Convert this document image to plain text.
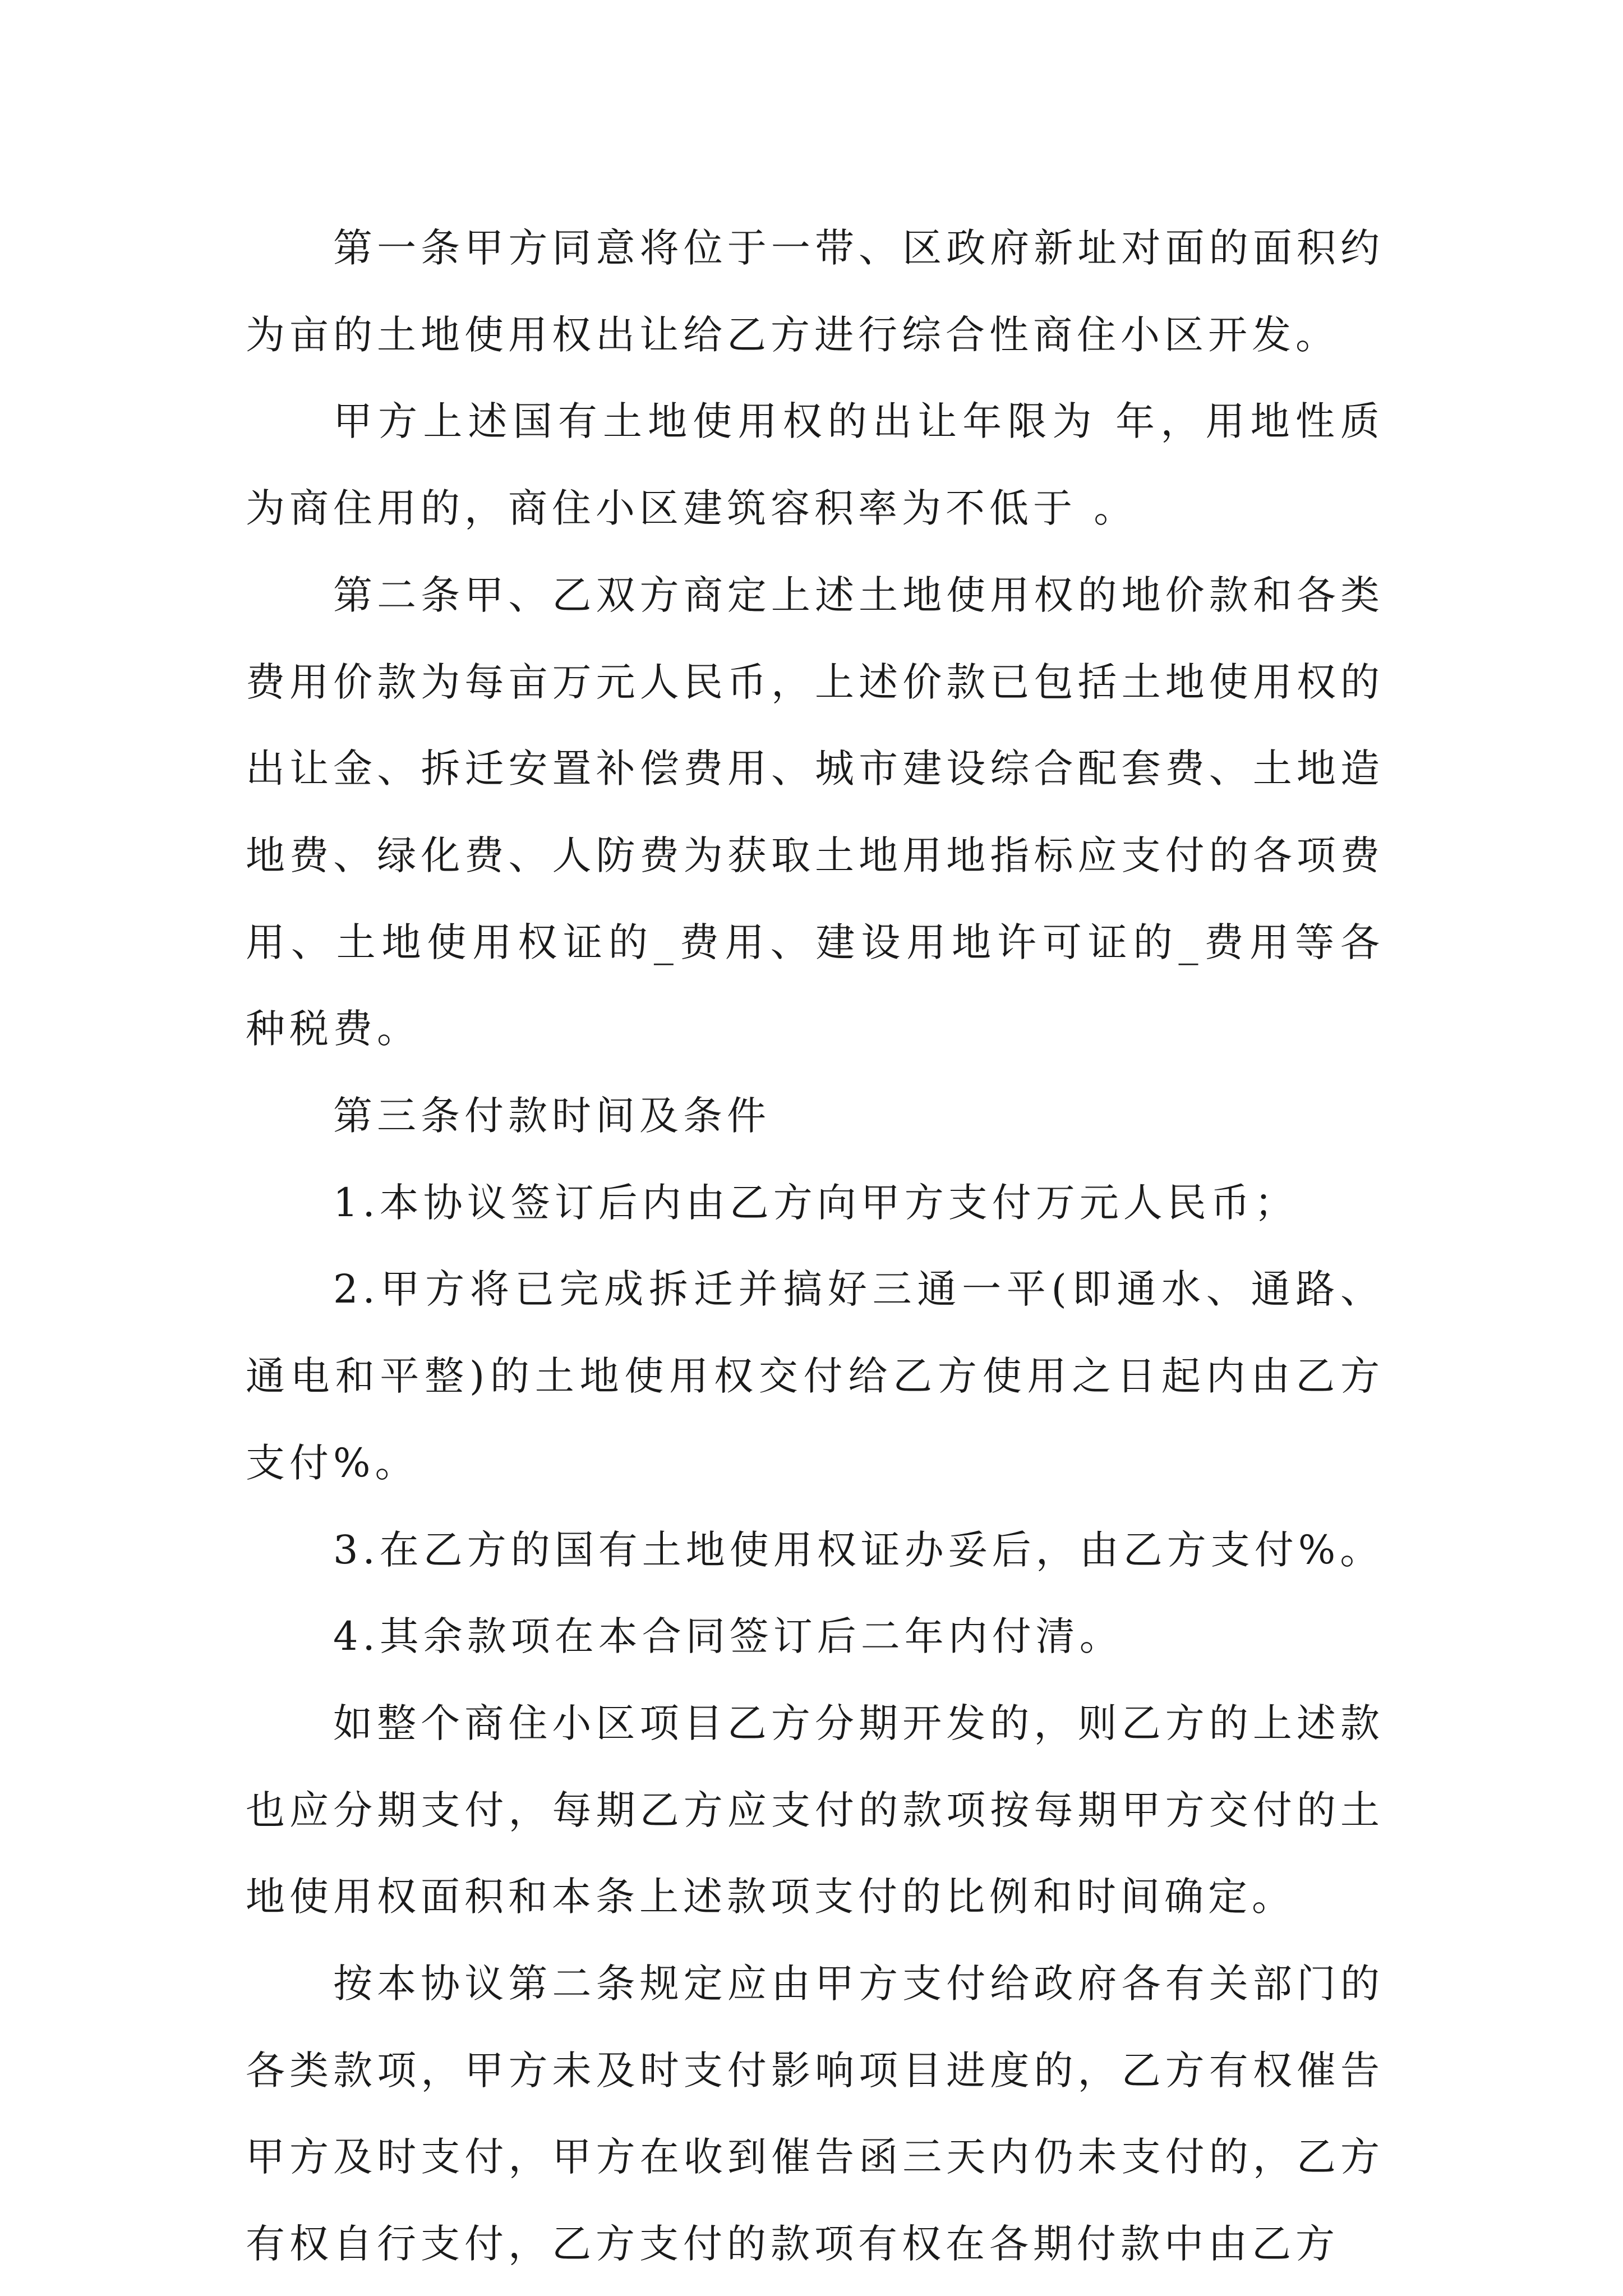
第一条甲方同意将位于一带、区政府新址对面的面积约为亩的土地使用权出让给乙方进行综合性商住小区开发。

甲方上述国有土地使用权的出让年限为 年，用地性质为商住用的，商住小区建筑容积率为不低于 。

第二条甲、乙双方商定上述土地使用权的地价款和各类费用价款为每亩万元人民币，上述价款已包括土地使用权的出让金、拆迁安置补偿费用、城市建设综合配套费、土地造地费、绿化费、人防费为获取土地用地指标应支付的各项费用、土地使用权证的_费用、建设用地许可证的_费用等各种税费。

第三条付款时间及条件

1.本协议签订后内由乙方向甲方支付万元人民币；

2.甲方将已完成拆迁并搞好三通一平(即通水、通路、通电和平整)的土地使用权交付给乙方使用之日起内由乙方支付%。

3.在乙方的国有土地使用权证办妥后，由乙方支付%。

4.其余款项在本合同签订后二年内付清。

如整个商住小区项目乙方分期开发的，则乙方的上述款也应分期支付，每期乙方应支付的款项按每期甲方交付的土地使用权面积和本条上述款项支付的比例和时间确定。

按本协议第二条规定应由甲方支付给政府各有关部门的各类款项，甲方未及时支付影响项目进度的，乙方有权催告甲方及时支付，甲方在收到催告函三天内仍未支付的，乙方有权自行支付，乙方支付的款项有权在各期付款中由乙方
